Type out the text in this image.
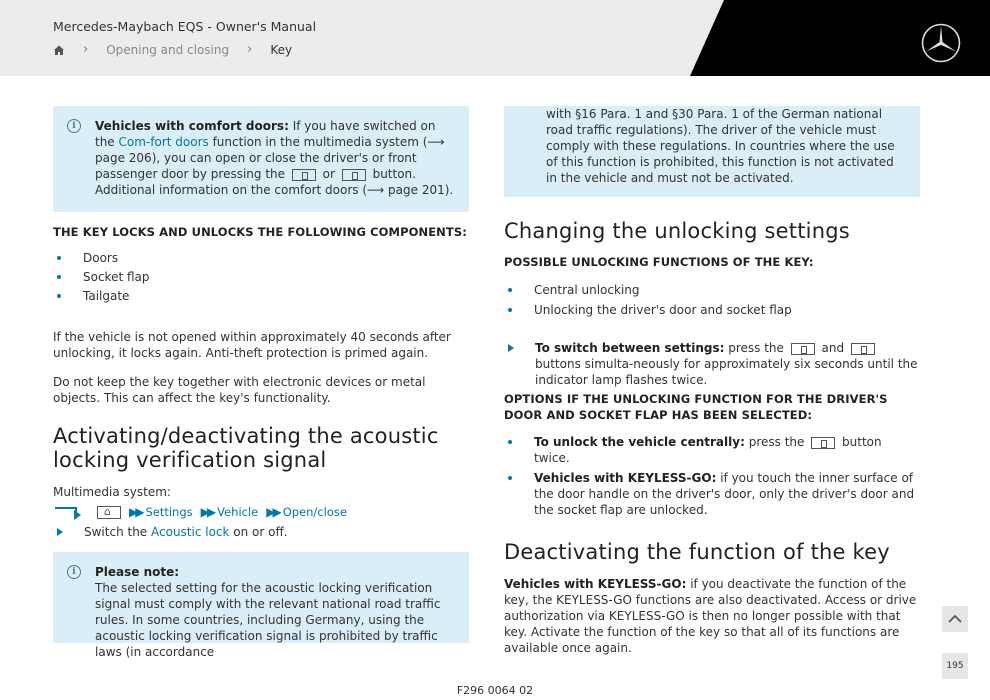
Mercedes-Maybach EQS - Owner's Manual
› Opening and closing › Key
i	Vehicles with comfort doors: If you have switched on the Com-fort doors function in the multimedia system (⟶ page 206), you can open or close the driver's or front passenger door by pressing the	or	button. Additional information on the comfort doors (⟶ page 201).
THE KEY LOCKS AND UNLOCKS THE FOLLOWING COMPONENTS:
Doors
Socket flap
Tailgate

If the vehicle is not opened within approximately 40 seconds after unlocking, it locks again. Anti-theft protection is primed again.

Do not keep the key together with electronic devices or metal objects. This can affect the key's functionality.

Activating/deactivating the acoustic locking verification signal

Multimedia system:

⌂
▶▶ Settings ▶▶ Vehicle ▶▶ Open/close
Switch the Acoustic lock on or off.
i	Please note:
The selected setting for the acoustic locking verification signal must comply with the relevant national road traffic rules. In some countries, including Germany, using the acoustic locking verification signal is prohibited by traffic laws (in accordance
with §16 Para. 1 and §30 Para. 1 of the German national road traffic regulations). The driver of the vehicle must comply with these regulations. In countries where the use of this function is prohibited, this function is not activated in the vehicle and must not be activated.
Changing the unlocking settings
POSSIBLE UNLOCKING FUNCTIONS OF THE KEY:
Central unlocking
Unlocking the driver's door and socket flap
To switch between settings: press the	and  buttons simulta-neously for approximately six seconds until the indicator lamp flashes twice.
OPTIONS IF THE UNLOCKING FUNCTION FOR THE DRIVER'S DOOR AND SOCKET FLAP HAS BEEN SELECTED:
To unlock the vehicle centrally: press the	button twice.
Vehicles with KEYLESS-GO: if you touch the inner surface of the door handle on the driver's door, only the driver's door and the socket flap are unlocked.
Deactivating the function of the key

Vehicles with KEYLESS-GO: if you deactivate the function of the key, the KEYLESS-GO functions are also deactivated. Access or drive authorization via KEYLESS-GO is then no longer possible with that key. Activate the function of the key so that all of its functions are available once again.

195
F296 0064 02
